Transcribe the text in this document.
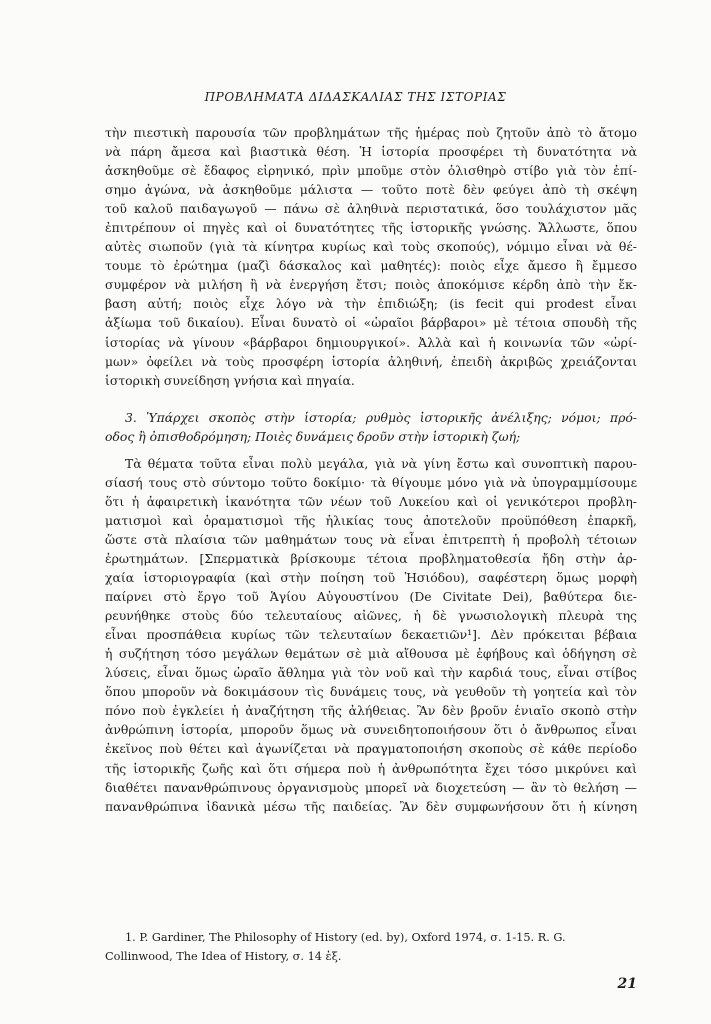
ΠΡΟΒΛΗΜΑΤΑ ΔΙΔΑΣΚΑΛΙΑΣ ΤΗΣ ΙΣΤΟΡΙΑΣ
τὴν πιεστικὴ παρουσία τῶν προβλημάτων τῆς ἡμέρας ποὺ ζητοῦν ἀπὸ τὸ ἄτομο
νὰ πάρη ἄμεσα καὶ βιαστικὰ θέση. Ἡ ἱστορία προσφέρει τὴ δυνατότητα νὰ
ἀσκηθοῦμε σὲ ἔδαφος εἰρηνικό, πρὶν μποῦμε στὸν ὀλισθηρὸ στίβο γιὰ τὸν ἐπί-
σημο ἀγώνα, νὰ ἀσκηθοῦμε μάλιστα — τοῦτο ποτὲ δὲν φεύγει ἀπὸ τὴ σκέψη
τοῦ καλοῦ παιδαγωγοῦ — πάνω σὲ ἀληθινὰ περιστατικά, ὅσο τουλάχιστον μᾶς
ἐπιτρέπουν οἱ πηγὲς καὶ οἱ δυνατότητες τῆς ἱστορικῆς γνώσης. Ἄλλωστε, ὅπου
αὐτὲς σιωποῦν (γιὰ τὰ κίνητρα κυρίως καὶ τοὺς σκοπούς), νόμιμο εἶναι νὰ θέ-
τουμε τὸ ἐρώτημα (μαζὶ δάσκαλος καὶ μαθητές): ποιὸς εἶχε ἄμεσο ἢ ἔμμεσο
συμφέρον νὰ μιλήση ἢ νὰ ἐνεργήση ἔτσι; ποιὸς ἀποκόμισε κέρδη ἀπὸ τὴν ἔκ-
βαση αὐτή; ποιὸς εἶχε λόγο νὰ τὴν ἐπιδιώξη; (is fecit qui prodest εἶναι
ἀξίωμα τοῦ δικαίου). Εἶναι δυνατὸ οἱ «ὡραῖοι βάρβαροι» μὲ τέτοια σπουδὴ τῆς
ἱστορίας νὰ γίνουν «βάρβαροι δημιουργικοί». Ἀλλὰ καὶ ἡ κοινωνία τῶν «ὡρί-
μων» ὀφείλει νὰ τοὺς προσφέρη ἱστορία ἀληθινή, ἐπειδὴ ἀκριβῶς χρειάζονται
ἱστορικὴ συνείδηση γνήσια καὶ πηγαία.
3. Ὑπάρχει σκοπὸς στὴν ἱστορία; ρυθμὸς ἱστορικῆς ἀνέλιξης; νόμοι; πρό-
οδος ἢ ὀπισθοδρόμηση; Ποιὲς δυνάμεις δροῦν στὴν ἱστορικὴ ζωή;
Τὰ θέματα τοῦτα εἶναι πολὺ μεγάλα, γιὰ νὰ γίνη ἔστω καὶ συνοπτικὴ παρου-
σίασή τους στὸ σύντομο τοῦτο δοκίμιο· τὰ θίγουμε μόνο γιὰ νὰ ὑπογραμμίσουμε
ὅτι ἡ ἀφαιρετικὴ ἱκανότητα τῶν νέων τοῦ Λυκείου καὶ οἱ γενικότεροι προβλη-
ματισμοὶ καὶ ὁραματισμοὶ τῆς ἡλικίας τους ἀποτελοῦν προϋπόθεση ἐπαρκῆ,
ὥστε στὰ πλαίσια τῶν μαθημάτων τους νὰ εἶναι ἐπιτρεπτὴ ἡ προβολὴ τέτοιων
ἐρωτημάτων. [Σπερματικὰ βρίσκουμε τέτοια προβληματοθεσία ἤδη στὴν ἀρ-
χαία ἱστοριογραφία (καὶ στὴν ποίηση τοῦ Ἡσιόδου), σαφέστερη ὅμως μορφὴ
παίρνει στὸ ἔργο τοῦ Ἁγίου Αὐγουστίνου (De Civitate Dei), βαθύτερα διε-
ρευνήθηκε στοὺς δύο τελευταίους αἰῶνες, ἡ δὲ γνωσιολογικὴ πλευρὰ της
εἶναι προσπάθεια κυρίως τῶν τελευταίων δεκαετιῶν¹]. Δὲν πρόκειται βέβαια
ἡ συζήτηση τόσο μεγάλων θεμάτων σὲ μιὰ αἴθουσα μὲ ἐφήβους καὶ ὁδήγηση σὲ
λύσεις, εἶναι ὅμως ὡραῖο ἄθλημα γιὰ τὸν νοῦ καὶ τὴν καρδιά τους, εἶναι στίβος
ὅπου μποροῦν νὰ δοκιμάσουν τὶς δυνάμεις τους, νὰ γευθοῦν τὴ γοητεία καὶ τὸν
πόνο ποὺ ἐγκλείει ἡ ἀναζήτηση τῆς ἀλήθειας. Ἂν δὲν βροῦν ἑνιαῖο σκοπὸ στὴν
ἀνθρώπινη ἱστορία, μποροῦν ὅμως νὰ συνειδητοποιήσουν ὅτι ὁ ἄνθρωπος εἶναι
ἐκεῖνος ποὺ θέτει καὶ ἀγωνίζεται νὰ πραγματοποιήση σκοποὺς σὲ κάθε περίοδο
τῆς ἱστορικῆς ζωῆς καὶ ὅτι σήμερα ποὺ ἡ ἀνθρωπότητα ἔχει τόσο μικρύνει καὶ
διαθέτει πανανθρώπινους ὀργανισμοὺς μπορεῖ νὰ διοχετεύση — ἂν τὸ θελήση —
πανανθρώπινα ἰδανικὰ μέσω τῆς παιδείας. Ἂν δὲν συμφωνήσουν ὅτι ἡ κίνηση
1. P. Gardiner, The Philosophy of History (ed. by), Oxford 1974, σ. 1-15. R. G.
Collinwood, The Idea of History, σ. 14 ἑξ.
21
